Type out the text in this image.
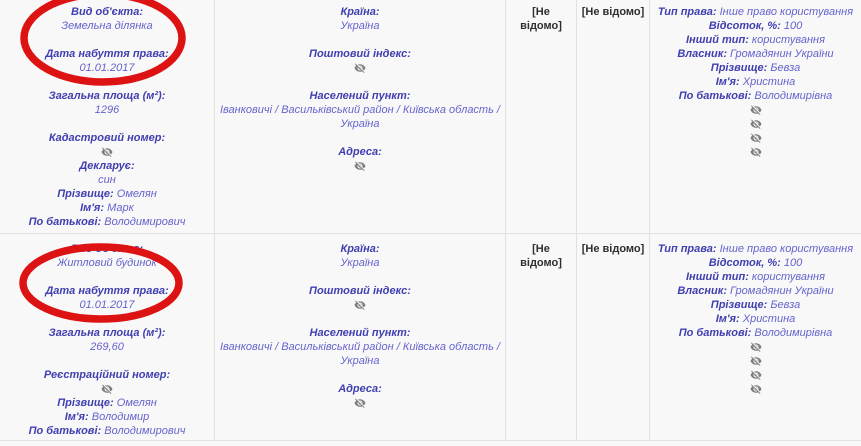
Вид об'єкта:
Земельна ділянка
Дата набуття права:
01.01.2017
Загальна площа (м²):
1296
Кадастровий номер:
Декларує:
син
Прізвище: Омелян
Ім'я: Марк
По батькові: Володимирович
Країна:
Україна
Поштовий індекс:
Населений пункт:
Іванковичі / Васильківський район / Київська область / Україна
Адреса:
[Не відомо]
[Не відомо]	Тип права: Інше право користування
Відсоток, %: 100
Інший тип: користування
Власник: Громадянин України
Прізвище: Бевза
Ім'я: Христина
По батькові: Володимирівна
Вид об'єкта:
Житловий будинок
Дата набуття права:
01.01.2017
Загальна площа (м²):
269,60
Реєстраційний номер:
Прізвище: Омелян
Ім'я: Володимир
По батькові: Володимирович
Країна:
Україна
Поштовий індекс:
Населений пункт:
Іванковичі / Васильківський район / Київська область / Україна
Адреса:
[Не відомо]
[Не відомо]	Тип права: Інше право користування
Відсоток, %: 100
Інший тип: користування
Власник: Громадянин України
Прізвище: Бевза
Ім'я: Христина
По батькові: Володимирівна
